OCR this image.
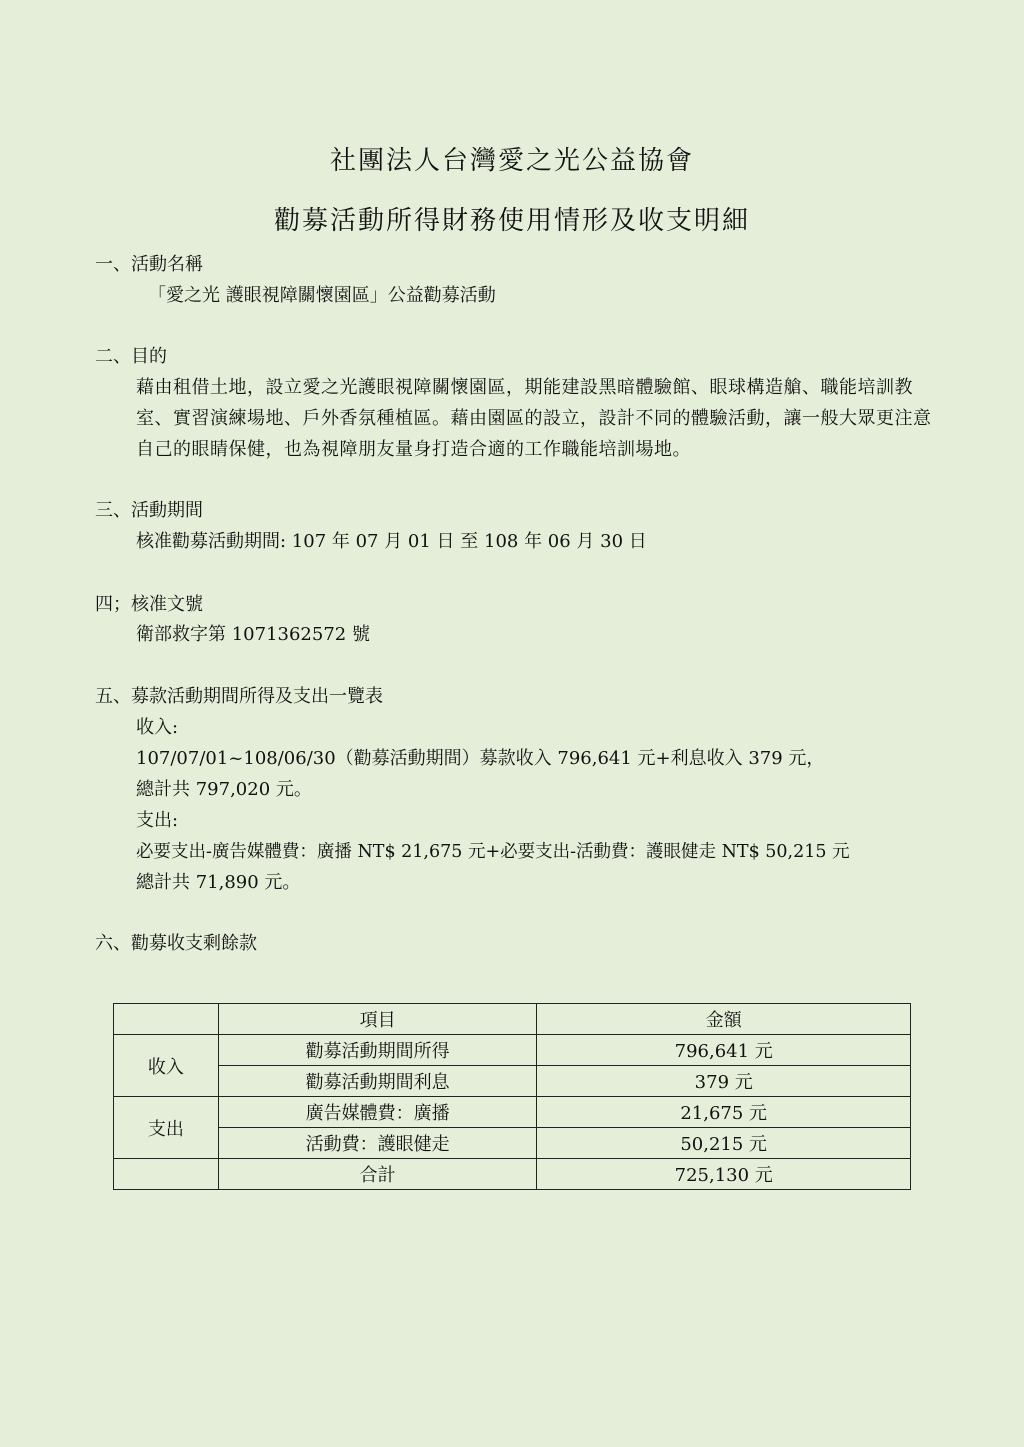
社團法人台灣愛之光公益協會
勸募活動所得財務使用情形及收支明細
一、活動名稱
「愛之光 護眼視障關懷園區」公益勸募活動
二、目的
藉由租借土地，設立愛之光護眼視障關懷園區，期能建設黑暗體驗館、眼球構造艙、職能培訓教室、實習演練場地、戶外香氛種植區。藉由園區的設立，設計不同的體驗活動，讓一般大眾更注意自己的眼睛保健，也為視障朋友量身打造合適的工作職能培訓場地。
三、活動期間
核准勸募活動期間: 107 年 07 月 01 日 至 108 年 06 月 30 日
四；核准文號
衛部救字第 1071362572 號
五、募款活動期間所得及支出一覽表
收入:
107/07/01~108/06/30（勸募活動期間）募款收入 796,641 元+利息收入 379 元，
總計共 797,020 元。
支出:
必要支出-廣告媒體費：廣播 NT$ 21,675 元+必要支出-活動費：護眼健走 NT$ 50,215 元
總計共 71,890 元。
六、勸募收支剩餘款
	項目	金額
收入	勸募活動期間所得	796,641 元
	勸募活動期間利息	379 元
支出	廣告媒體費：廣播	21,675 元
	活動費：護眼健走	50,215 元
	合計	725,130 元
